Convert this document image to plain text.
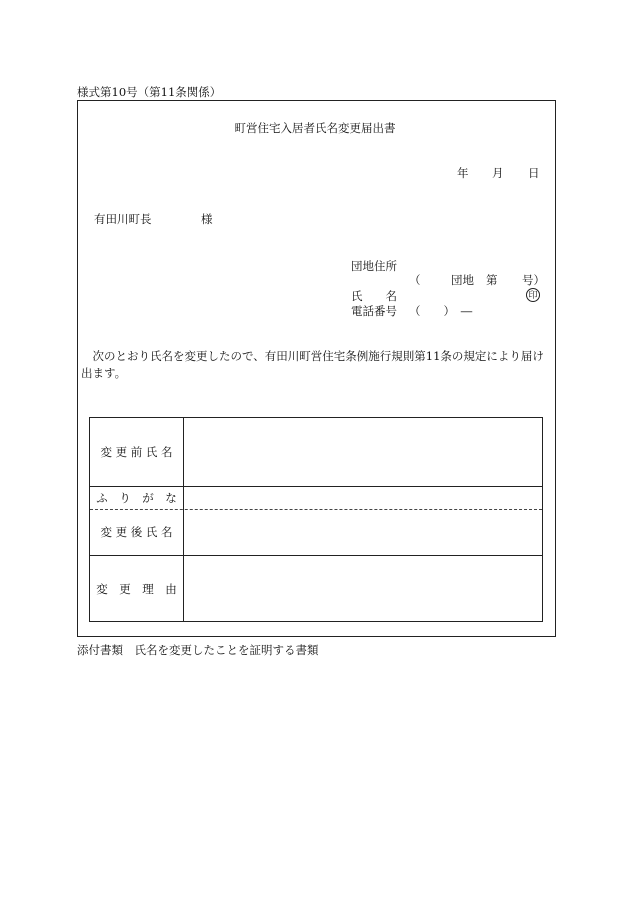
様式第10号（第11条関係）
町営住宅入居者氏名変更届出書
年 月 日
有田川町長	様
団地住所
（	団地 第 号）
氏　　名	印
電話番号 （　　）　―
　次のとおり氏名を変更したので、有田川町営住宅条例施行規則第11条の規定により届け出ます。
変 更 前 氏 名
ふ　り　が　な
変 更 後 氏 名
変　更　理　由
添付書類　氏名を変更したことを証明する書類
